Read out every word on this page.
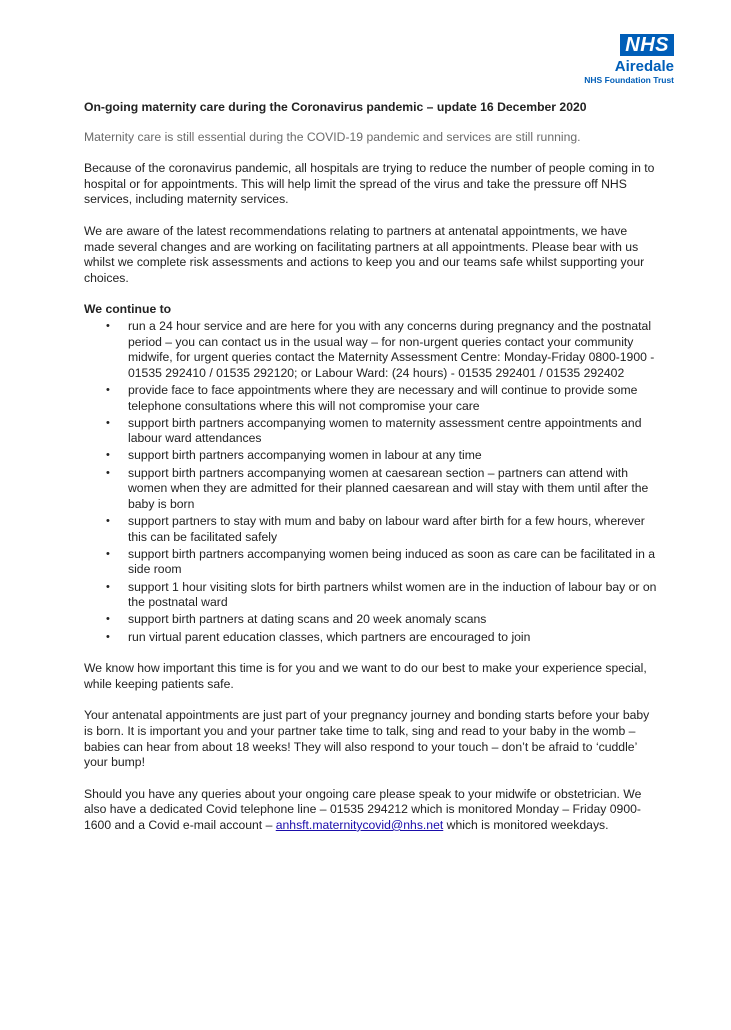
NHS
Airedale
NHS Foundation Trust
On-going maternity care during the Coronavirus pandemic – update 16 December 2020

Maternity care is still essential during the COVID-19 pandemic and services are still running.

Because of the coronavirus pandemic, all hospitals are trying to reduce the number of people coming in to hospital or for appointments. This will help limit the spread of the virus and take the pressure off NHS services, including maternity services.

We are aware of the latest recommendations relating to partners at antenatal appointments, we have made several changes and are working on facilitating partners at all appointments. Please bear with us whilst we complete risk assessments and actions to keep you and our teams safe whilst supporting your choices.

We continue to
• run a 24 hour service and are here for you with any concerns during pregnancy and the postnatal period – you can contact us in the usual way – for non-urgent queries contact your community midwife, for urgent queries contact the Maternity Assessment Centre: Monday-Friday 0800-1900 - 01535 292410 / 01535 292120; or Labour Ward: (24 hours) - 01535 292401 / 01535 292402
• provide face to face appointments where they are necessary and will continue to provide some telephone consultations where this will not compromise your care
• support birth partners accompanying women to maternity assessment centre appointments and labour ward attendances
• support birth partners accompanying women in labour at any time
• support birth partners accompanying women at caesarean section – partners can attend with women when they are admitted for their planned caesarean and will stay with them until after the baby is born
• support partners to stay with mum and baby on labour ward after birth for a few hours, wherever this can be facilitated safely
• support birth partners accompanying women being induced as soon as care can be facilitated in a side room
• support 1 hour visiting slots for birth partners whilst women are in the induction of labour bay or on the postnatal ward
• support birth partners at dating scans and 20 week anomaly scans
• run virtual parent education classes, which partners are encouraged to join

We know how important this time is for you and we want to do our best to make your experience special, while keeping patients safe.

Your antenatal appointments are just part of your pregnancy journey and bonding starts before your baby is born. It is important you and your partner take time to talk, sing and read to your baby in the womb – babies can hear from about 18 weeks! They will also respond to your touch – don’t be afraid to ‘cuddle’ your bump!

Should you have any queries about your ongoing care please speak to your midwife or obstetrician. We also have a dedicated Covid telephone line – 01535 294212 which is monitored Monday – Friday 0900-1600 and a Covid e-mail account – anhsft.maternitycovid@nhs.net which is monitored weekdays.
